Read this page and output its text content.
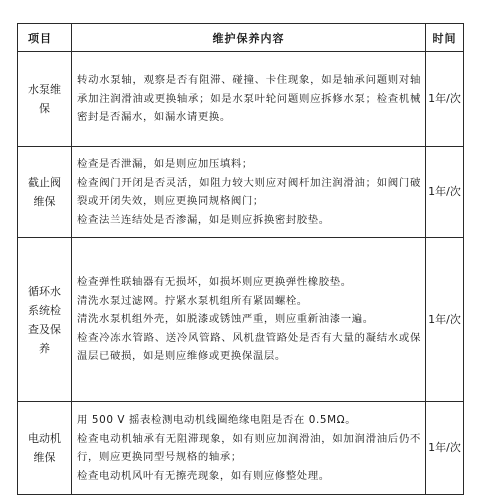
项目	维护保养内容	时间
水泵维保	转动水泵轴，观察是否有阻滞、碰撞、卡住现象，如是轴承问题则对轴承加注润滑油或更换轴承；如是水泵叶轮问题则应拆修水泵；检查机械密封是否漏水，如漏水请更换。	1年/次
截止阀维保	检查是否泄漏，如是则应加压填料；

检查阀门开闭是否灵活，如阻力较大则应对阀杆加注润滑油；如阀门破裂或开闭失效，则应更换同规格阀门；

检查法兰连结处是否渗漏，如是则应拆换密封胶垫。	1年/次
循环水系统检查及保养	检查弹性联轴器有无损坏，如损坏则应更换弹性橡胶垫。

清洗水泵过滤网。拧紧水泵机组所有紧固螺栓。

清洗水泵机组外壳，如脱漆或锈蚀严重，则应重新油漆一遍。

检查冷冻水管路、送冷风管路、风机盘管路处是否有大量的凝结水或保温层已破损，如是则应维修或更换保温层。	1年/次
电动机维保	用 500 V 摇表检测电动机线圈绝缘电阻是否在 0.5MΩ。

检查电动机轴承有无阻滞现象，如有则应加润滑油，如加润滑油后仍不行，则应更换同型号规格的轴承；

检查电动机风叶有无擦壳现象，如有则应修整处理。	1年/次
